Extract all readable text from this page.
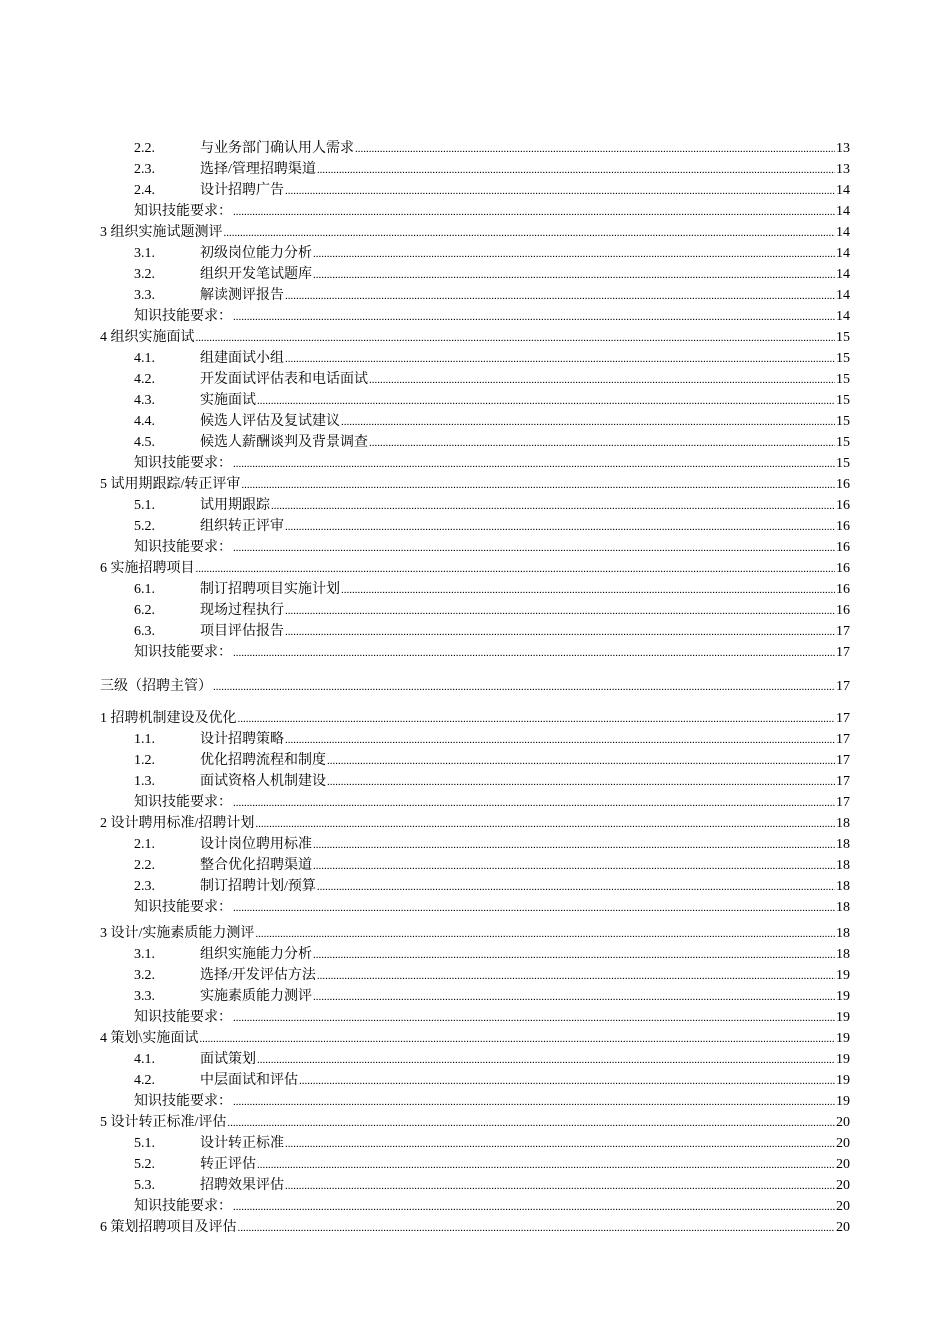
2.2.	与业务部门确认用人需求 .....	13
2.3.	选择/管理招聘渠道 .....	13
2.4.	设计招聘广告 .....	14
知识技能要求： .....	14
3 组织实施试题测评 .....	14
3.1.	初级岗位能力分析 .....	14
3.2.	组织开发笔试题库 .....	14
3.3.	解读测评报告 .....	14
知识技能要求： .....	14
4 组织实施面试 .....	15
4.1.	组建面试小组 .....	15
4.2.	开发面试评估表和电话面试 .....	15
4.3.	实施面试 .....	15
4.4.	候选人评估及复试建议 .....	15
4.5.	候选人薪酬谈判及背景调查 .....	15
知识技能要求： .....	15
5 试用期跟踪/转正评审 .....	16
5.1.	试用期跟踪 .....	16
5.2.	组织转正评审 .....	16
知识技能要求： .....	16
6 实施招聘项目 .....	16
6.1.	制订招聘项目实施计划 .....	16
6.2.	现场过程执行 .....	16
6.3.	项目评估报告 .....	17
知识技能要求： .....	17
三级（招聘主管） .....	17
1 招聘机制建设及优化 .....	17
1.1.	设计招聘策略 .....	17
1.2.	优化招聘流程和制度 .....	17
1.3.	面试资格人机制建设 .....	17
知识技能要求： .....	17
2 设计聘用标准/招聘计划 .....	18
2.1.	设计岗位聘用标准 .....	18
2.2.	整合优化招聘渠道 .....	18
2.3.	制订招聘计划/预算 .....	18
知识技能要求： .....	18
3 设计/实施素质能力测评 .....	18
3.1.	组织实施能力分析 .....	18
3.2.	选择/开发评估方法 .....	19
3.3.	实施素质能力测评 .....	19
知识技能要求： .....	19
4 策划\实施面试 .....	19
4.1.	面试策划 .....	19
4.2.	中层面试和评估 .....	19
知识技能要求： .....	19
5 设计转正标准/评估 .....	20
5.1.	设计转正标准 .....	20
5.2.	转正评估 .....	20
5.3.	招聘效果评估 .....	20
知识技能要求： .....	20
6 策划招聘项目及评估 .....	20
